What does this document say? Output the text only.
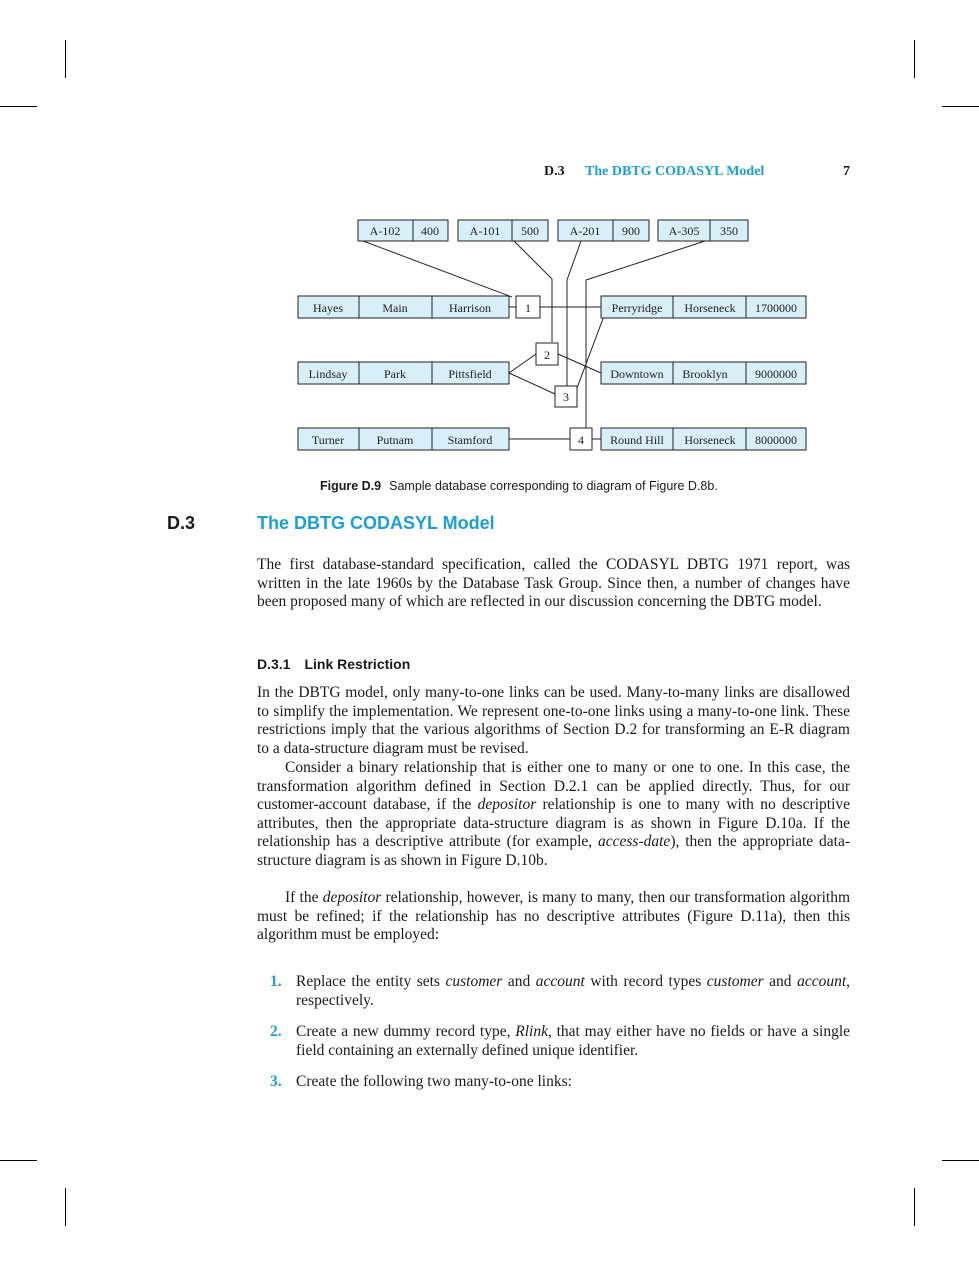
D.3 The DBTG CODASYL Model	7
A-102 400	A-101 500	A-201 900 A-305 350
Hayes	Main	Harrison
Lindsay	Park	Pittsfield
Turner	Putnam	Stamford
Perryridge Horseneck 1700000
Downtown Brooklyn 9000000
Round Hill Horseneck 8000000
1
2
3
4
Figure D.9 Sample database corresponding to diagram of Figure D.8b.
D.3	The DBTG CODASYL Model

The first database-standard specification, called the CODASYL DBTG 1971 report, was written in the late 1960s by the Database Task Group. Since then, a number of changes have been proposed many of which are reflected in our discussion concerning the DBTG model.

D.3.1 Link Restriction

In the DBTG model, only many-to-one links can be used. Many-to-many links are disallowed to simplify the implementation. We represent one-to-one links using a many-to-one link. These restrictions imply that the various algorithms of Section D.2 for transforming an E-R diagram to a data-structure diagram must be revised.

Consider a binary relationship that is either one to many or one to one. In this case, the transformation algorithm defined in Section D.2.1 can be applied directly. Thus, for our customer-account database, if the depositor relationship is one to many with no descriptive attributes, then the appropriate data-structure diagram is as shown in Figure D.10a. If the relationship has a descriptive attribute (for example, access-date), then the appropriate data-structure diagram is as shown in Figure D.10b.

If the depositor relationship, however, is many to many, then our transformation algorithm must be refined; if the relationship has no descriptive attributes (Figure D.11a), then this algorithm must be employed:

1. Replace the entity sets customer and account with record types customer and account, respectively.
2. Create a new dummy record type, Rlink, that may either have no fields or have a single field containing an externally defined unique identifier.
3. Create the following two many-to-one links:
